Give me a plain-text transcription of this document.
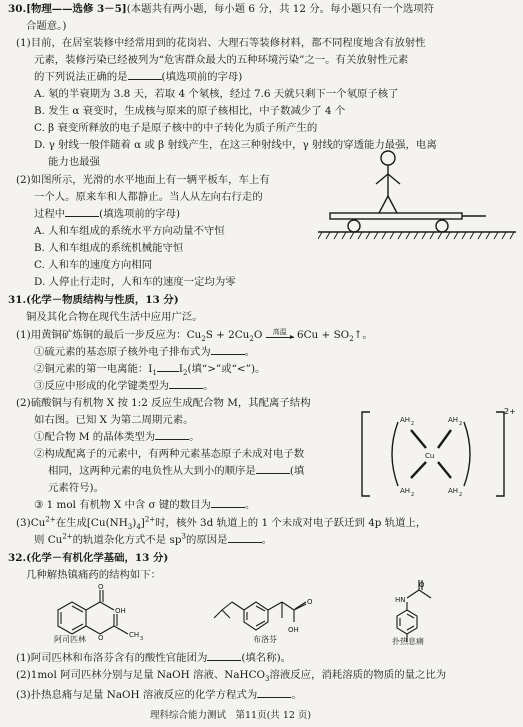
30.[物理——选修 3－5](本题共有两小题，每小题 6 分，共 12 分。每小题只有一个选项符
合题意。)
(1)目前，在居室装修中经常用到的花岗岩、大理石等装修材料，都不同程度地含有放射性
元素，装修污染已经被列为“危害群众最大的五种环境污染”之一。有关放射性元素
的下列说法正确的是	(填选项前的字母)
A. 氡的半衰期为 3.8 天，若取 4 个氡核，经过 7.6 天就只剩下一个氡原子核了
B. 发生 α 衰变时，生成核与原来的原子核相比，中子数减少了 4 个
C. β 衰变所释放的电子是原子核中的中子转化为质子所产生的
D. γ 射线一般伴随着 α 或 β 射线产生，在这三种射线中，γ 射线的穿透能力最强，电离
能力也最强
(2)如图所示，光滑的水平地面上有一辆平板车，车上有
一个人。原来车和人都静止。当人从左向右行走的
过程中	(填选项前的字母)
A. 人和车组成的系统水平方向动量不守恒
B. 人和车组成的系统机械能守恒
C. 人和车的速度方向相同
D. 人停止行走时，人和车的速度一定均为零
31.(化学－物质结构与性质，13 分)
铜及其化合物在现代生活中应用广泛。
(1)用黄铜矿炼铜的最后一步反应为：$Cu_2S + 2Cu_2O$	高温 $6Cu + SO_2↑$。
①硫元素的基态原子核外电子排布式为	。
②铜元素的第一电离能：$I_1$ $I_2$(填“>”或“<”)。
③反应中形成的化学键类型为	。
(2)硫酸铜与有机物 X 按 1:2 反应生成配合物 M，其配离子结构
如右图。已知 X 为第二周期元素。
①配合物 M 的晶体类型为	。
②构成配离子的元素中，有两种元素基态原子未成对电子数
相同，这两种元素的电负性从大到小的顺序是	(填
元素符号)。
③ 1 mol 有机物 X 中含 σ 键的数目为	。
$(3)Cu^{2+}$在生成$[Cu(NH_3)_4]^{2+}$时，核外 3d 轨道上的 1 个未成对电子跃迁到 4p 轨道上，
则 $Cu^{2+}$的轨道杂化方式不是 $sp^3$的原因是	。
AH 2	AH 2
AH 2	AH 2
Cu
2+
32.(化学－有机化学基础，13 分)
几种解热镇痛药的结构如下：
O
OH
O	CH 3
阿司匹林
O
OH
布洛芬
HN
O
扑热息痛
(1)阿司匹林和布洛芬含有的酸性官能团为	(填名称)。
(2)1mol 阿司匹林分别与足量 NaOH 溶液、NaHCO$_3$溶液反应，消耗溶质的物质的量之比为
(3)扑热息痛与足量 NaOH 溶液反应的化学方程式为	。
理科综合能力测试　第11页(共 12 页)
